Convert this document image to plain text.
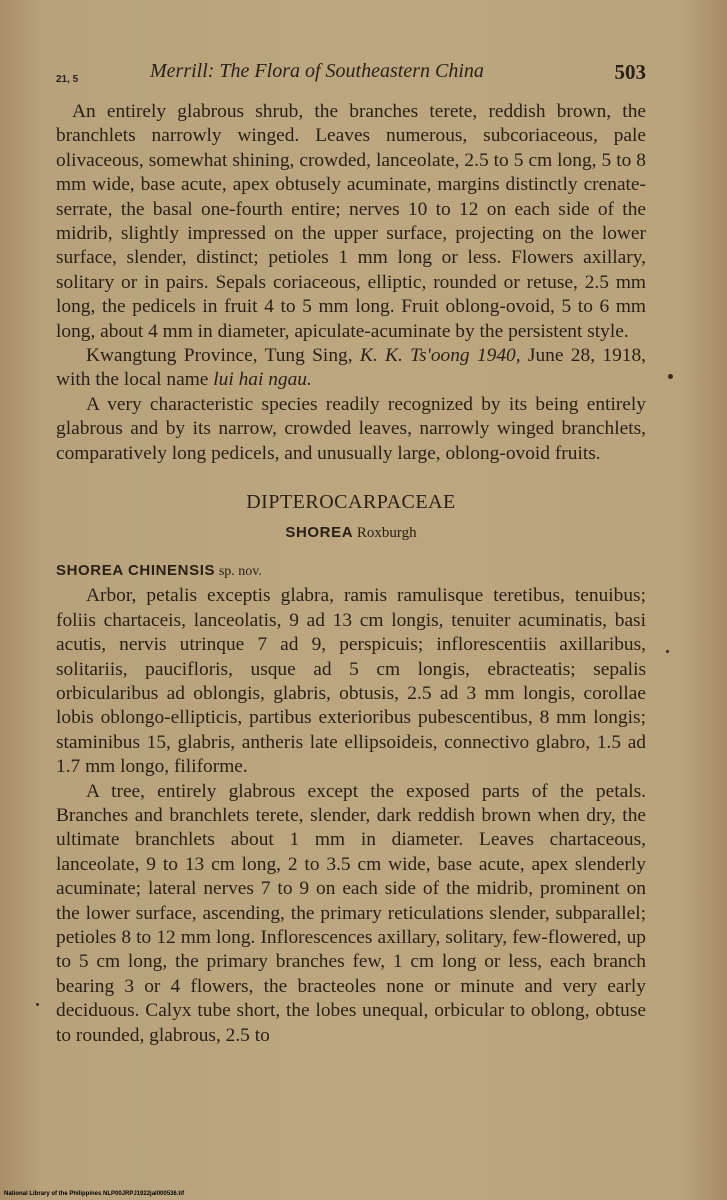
21, 5	Merrill: The Flora of Southeastern China	503

An entirely glabrous shrub, the branches terete, reddish brown, the branchlets narrowly winged. Leaves numerous, subcoriaceous, pale olivaceous, somewhat shining, crowded, lanceolate, 2.5 to 5 cm long, 5 to 8 mm wide, base acute, apex obtusely acuminate, margins distinctly crenate-serrate, the basal one-fourth entire; nerves 10 to 12 on each side of the midrib, slightly impressed on the upper surface, projecting on the lower surface, slender, distinct; petioles 1 mm long or less. Flowers axillary, solitary or in pairs. Sepals coriaceous, elliptic, rounded or retuse, 2.5 mm long, the pedicels in fruit 4 to 5 mm long. Fruit oblong-ovoid, 5 to 6 mm long, about 4 mm in diameter, apiculate-acuminate by the persistent style.

Kwangtung Province, Tung Sing, K. K. Ts'oong 1940, June 28, 1918, with the local name lui hai ngau.

A very characteristic species readily recognized by its being entirely glabrous and by its narrow, crowded leaves, narrowly winged branchlets, comparatively long pedicels, and unusually large, oblong-ovoid fruits.

DIPTEROCARPACEAE

SHOREA Roxburgh

SHOREA CHINENSIS sp. nov.

Arbor, petalis exceptis glabra, ramis ramulisque teretibus, tenuibus; foliis chartaceis, lanceolatis, 9 ad 13 cm longis, tenuiter acuminatis, basi acutis, nervis utrinque 7 ad 9, perspicuis; inflorescentiis axillaribus, solitariis, paucifloris, usque ad 5 cm longis, ebracteatis; sepalis orbicularibus ad oblongis, glabris, obtusis, 2.5 ad 3 mm longis, corollae lobis oblongo-ellipticis, partibus exterioribus pubescentibus, 8 mm longis; staminibus 15, glabris, antheris late ellipsoideis, connectivo glabro, 1.5 ad 1.7 mm longo, filiforme.

A tree, entirely glabrous except the exposed parts of the petals. Branches and branchlets terete, slender, dark reddish brown when dry, the ultimate branchlets about 1 mm in diameter. Leaves chartaceous, lanceolate, 9 to 13 cm long, 2 to 3.5 cm wide, base acute, apex slenderly acuminate; lateral nerves 7 to 9 on each side of the midrib, prominent on the lower surface, ascending, the primary reticulations slender, subparallel; petioles 8 to 12 mm long. Inflorescences axillary, solitary, few-flowered, up to 5 cm long, the primary branches few, 1 cm long or less, each branch bearing 3 or 4 flowers, the bracteoles none or minute and very early deciduous. Calyx tube short, the lobes unequal, orbicular to oblong, obtuse to rounded, glabrous, 2.5 to

National Library of the Philippines NLP00JRPJ1922jal000536.tif
